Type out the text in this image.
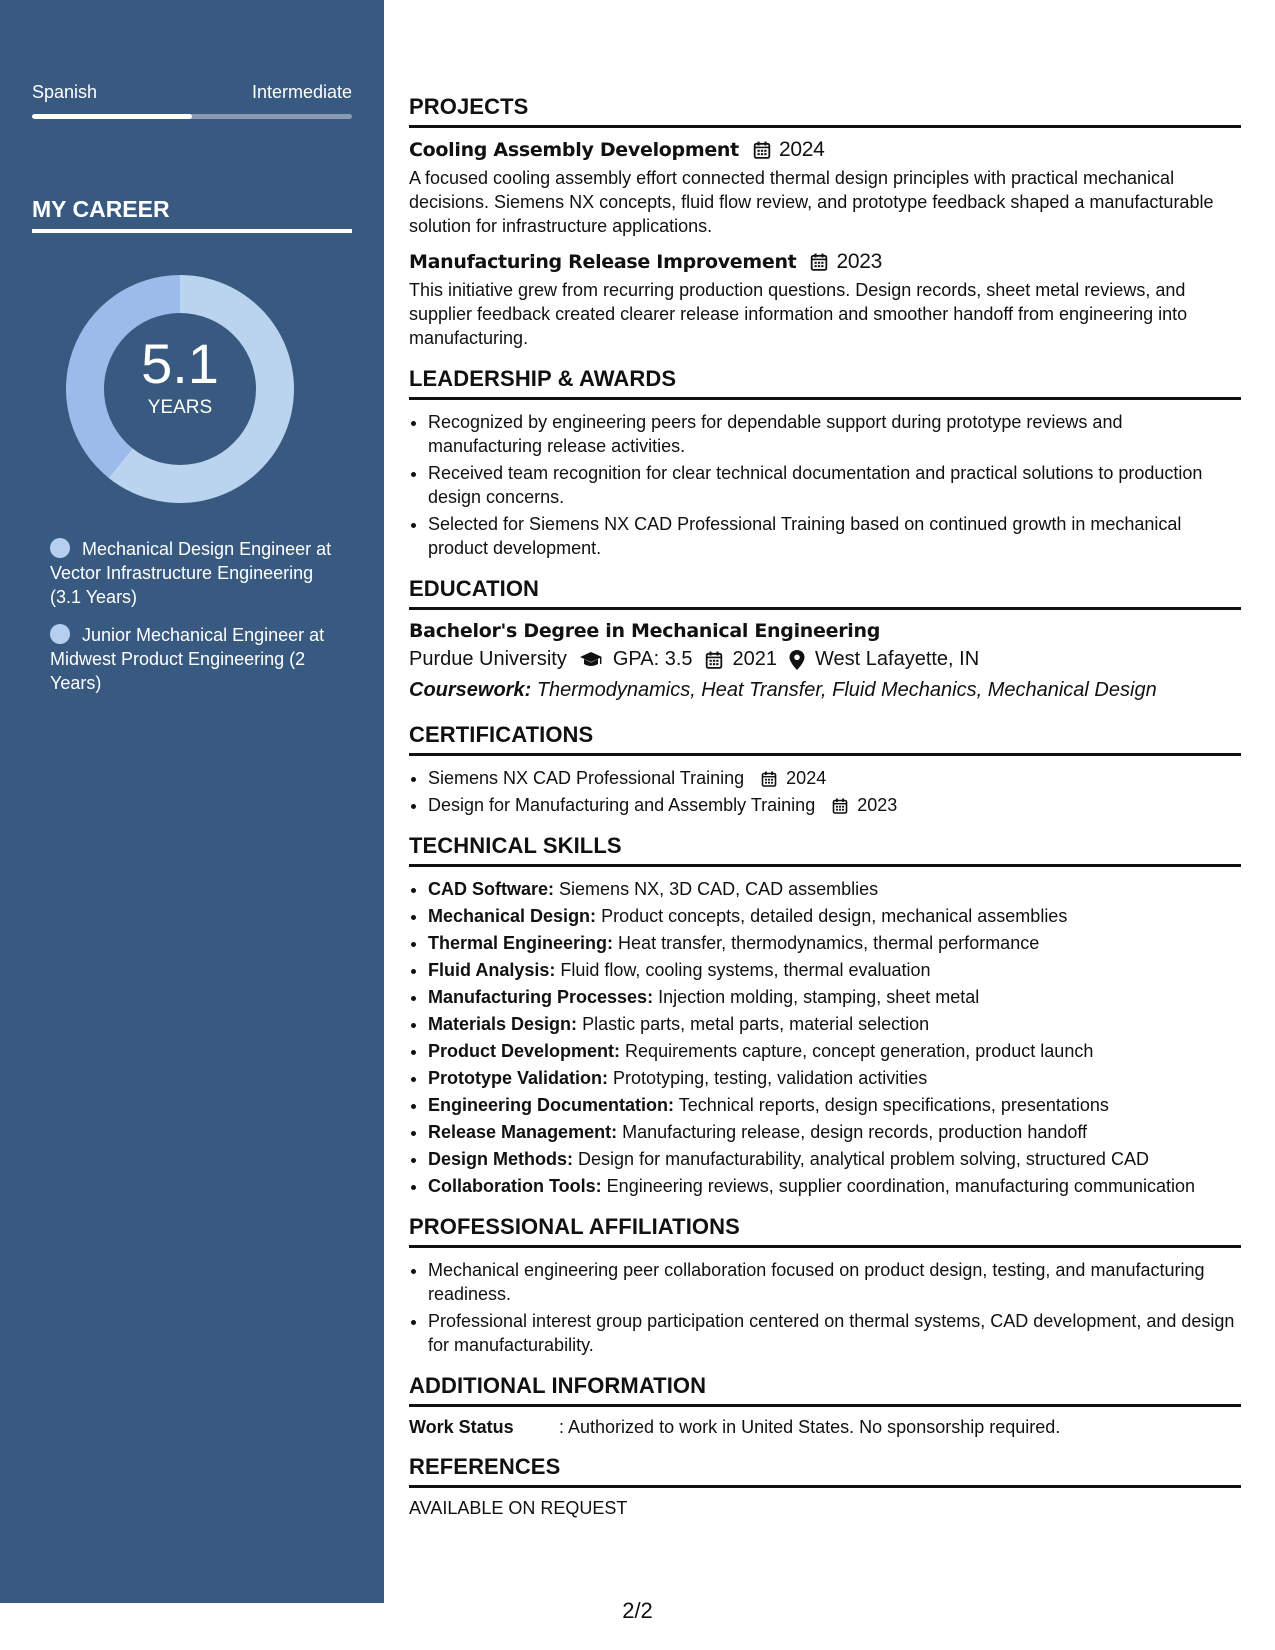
Spanish	Intermediate
MY CAREER
5.1
YEARS
Mechanical Design Engineer at Vector Infrastructure Engineering (3.1 Years)
Junior Mechanical Engineer at Midwest Product Engineering (2 Years)
PROJECTS
Cooling Assembly Development 2024
A focused cooling assembly effort connected thermal design principles with practical mechanical decisions. Siemens NX concepts, fluid flow review, and prototype feedback shaped a manufacturable solution for infrastructure applications.
Manufacturing Release Improvement 2023
This initiative grew from recurring production questions. Design records, sheet metal reviews, and supplier feedback created clearer release information and smoother handoff from engineering into manufacturing.
LEADERSHIP & AWARDS
• Recognized by engineering peers for dependable support during prototype reviews and manufacturing release activities.
• Received team recognition for clear technical documentation and practical solutions to production design concerns.
• Selected for Siemens NX CAD Professional Training based on continued growth in mechanical product development.
EDUCATION
Bachelor's Degree in Mechanical Engineering
Purdue University GPA: 3.5 2021 West Lafayette, IN
Coursework: Thermodynamics, Heat Transfer, Fluid Mechanics, Mechanical Design
CERTIFICATIONS
• Siemens NX CAD Professional Training 2024
• Design for Manufacturing and Assembly Training 2023
TECHNICAL SKILLS
• CAD Software: Siemens NX, 3D CAD, CAD assemblies
• Mechanical Design: Product concepts, detailed design, mechanical assemblies
• Thermal Engineering: Heat transfer, thermodynamics, thermal performance
• Fluid Analysis: Fluid flow, cooling systems, thermal evaluation
• Manufacturing Processes: Injection molding, stamping, sheet metal
• Materials Design: Plastic parts, metal parts, material selection
• Product Development: Requirements capture, concept generation, product launch
• Prototype Validation: Prototyping, testing, validation activities
• Engineering Documentation: Technical reports, design specifications, presentations
• Release Management: Manufacturing release, design records, production handoff
• Design Methods: Design for manufacturability, analytical problem solving, structured CAD
• Collaboration Tools: Engineering reviews, supplier coordination, manufacturing communication
PROFESSIONAL AFFILIATIONS
• Mechanical engineering peer collaboration focused on product design, testing, and manufacturing readiness.
• Professional interest group participation centered on thermal systems, CAD development, and design for manufacturability.
ADDITIONAL INFORMATION
Work Status	: Authorized to work in United States. No sponsorship required.
REFERENCES
AVAILABLE ON REQUEST
2/2
